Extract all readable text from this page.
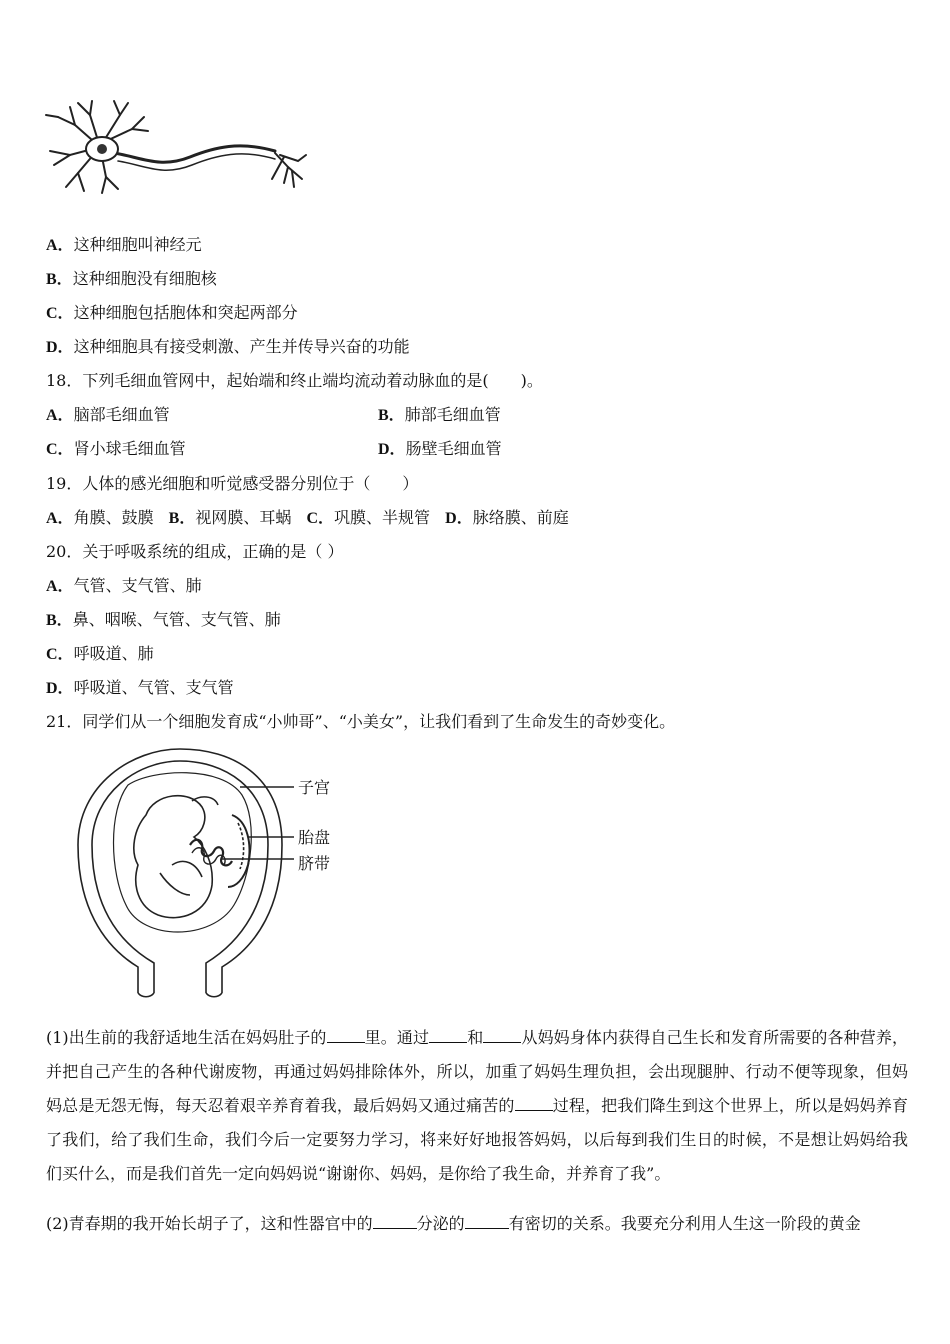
A．这种细胞叫神经元
B．这种细胞没有细胞核
C．这种细胞包括胞体和突起两部分
D．这种细胞具有接受刺激、产生并传导兴奋的功能
18．下列毛细血管网中，起始端和终止端均流动着动脉血的是(　　)。
A．脑部毛细血管	B．肺部毛细血管
C．肾小球毛细血管	D．肠壁毛细血管
19．人体的感光细胞和听觉感受器分别位于（　　）
A．角膜、鼓膜 B．视网膜、耳蜗 C．巩膜、半规管 D．脉络膜、前庭
20．关于呼吸系统的组成，正确的是（ ）
A．气管、支气管、肺
B．鼻、咽喉、气管、支气管、肺
C．呼吸道、肺
D．呼吸道、气管、支气管
21．同学们从一个细胞发育成“小帅哥”、“小美女”，让我们看到了生命发生的奇妙变化。
子宫
胎盘
脐带
(1)出生前的我舒适地生活在妈妈肚子的 里。通过 和 从妈妈身体内获得自己生长和发育所需要的各种营养，并把自己产生的各种代谢废物，再通过妈妈排除体外，所以，加重了妈妈生理负担，会出现腿肿、行动不便等现象，但妈妈总是无怨无悔，每天忍着艰辛养育着我，最后妈妈又通过痛苦的 过程，把我们降生到这个世界上，所以是妈妈养育了我们，给了我们生命，我们今后一定要努力学习，将来好好地报答妈妈，以后每到我们生日的时候，不是想让妈妈给我们买什么，而是我们首先一定向妈妈说“谢谢你、妈妈，是你给了我生命，并养育了我”。
(2)青春期的我开始长胡子了，这和性器官中的	分泌的	有密切的关系。我要充分利用人生这一阶段的黄金
